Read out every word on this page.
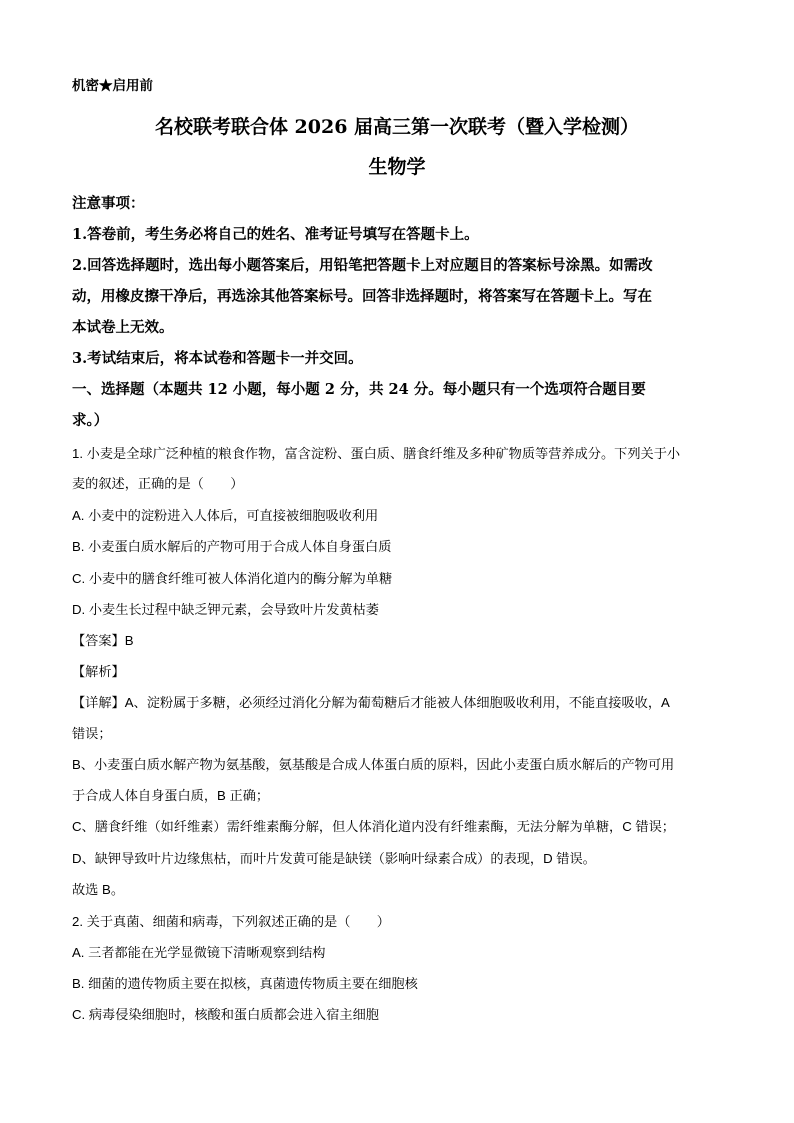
机密★启用前
名校联考联合体 2026 届高三第一次联考（暨入学检测）
生物学
注意事项：
1.答卷前，考生务必将自己的姓名、准考证号填写在答题卡上。
2.回答选择题时，选出每小题答案后，用铅笔把答题卡上对应题目的答案标号涂黑。如需改
动，用橡皮擦干净后，再选涂其他答案标号。回答非选择题时，将答案写在答题卡上。写在
本试卷上无效。
3.考试结束后，将本试卷和答题卡一并交回。
一、选择题（本题共 12 小题，每小题 2 分，共 24 分。每小题只有一个选项符合题目要
求。）
1. 小麦是全球广泛种植的粮食作物，富含淀粉、蛋白质、膳食纤维及多种矿物质等营养成分。下列关于小
麦的叙述，正确的是（　　）
A. 小麦中的淀粉进入人体后，可直接被细胞吸收利用
B. 小麦蛋白质水解后的产物可用于合成人体自身蛋白质
C. 小麦中的膳食纤维可被人体消化道内的酶分解为单糖
D. 小麦生长过程中缺乏钾元素，会导致叶片发黄枯萎
【答案】B
【解析】
【详解】A、淀粉属于多糖，必须经过消化分解为葡萄糖后才能被人体细胞吸收利用，不能直接吸收，A
错误；
B、小麦蛋白质水解产物为氨基酸，氨基酸是合成人体蛋白质的原料，因此小麦蛋白质水解后的产物可用
于合成人体自身蛋白质，B 正确；
C、膳食纤维（如纤维素）需纤维素酶分解，但人体消化道内没有纤维素酶，无法分解为单糖，C 错误；
D、缺钾导致叶片边缘焦枯，而叶片发黄可能是缺镁（影响叶绿素合成）的表现，D 错误。
故选 B。
2. 关于真菌、细菌和病毒，下列叙述正确的是（　　）
A. 三者都能在光学显微镜下清晰观察到结构
B. 细菌的遗传物质主要在拟核，真菌遗传物质主要在细胞核
C. 病毒侵染细胞时，核酸和蛋白质都会进入宿主细胞
